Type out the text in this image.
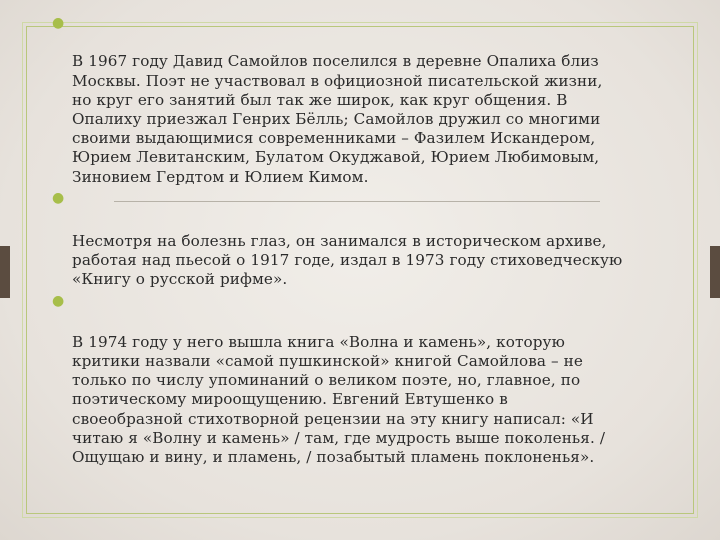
●

В 1967 году Давид Самойлов поселился в деревне Опалиха близ
Москвы. Поэт не участвовал в официозной писательской жизни,
но круг его занятий был так же широк, как круг общения. В
Опалиху приезжал Генрих Бёлль; Самойлов дружил со многими
своими выдающимися современниками – Фазилем Искандером,
Юрием Левитанским, Булатом Окуджавой, Юрием Любимовым,
Зиновием Гердтом и Юлием Кимом.

●

Несмотря на болезнь глаз, он занимался в историческом архиве,
работая над пьесой о 1917 годе, издал в 1973 году стиховедческую
«Книгу о русской рифме».

●

В 1974 году у него вышла книга «Волна и камень», которую
критики назвали «самой пушкинской» книгой Самойлова – не
только по числу упоминаний о великом поэте, но, главное, по
поэтическому мироощущению. Евгений Евтушенко в
своеобразной стихотворной рецензии на эту книгу написал: «И
читаю я «Волну и камень» / там, где мудрость выше поколенья. /
Ощущаю и вину, и пламень, / позабытый пламень поклоненья».
